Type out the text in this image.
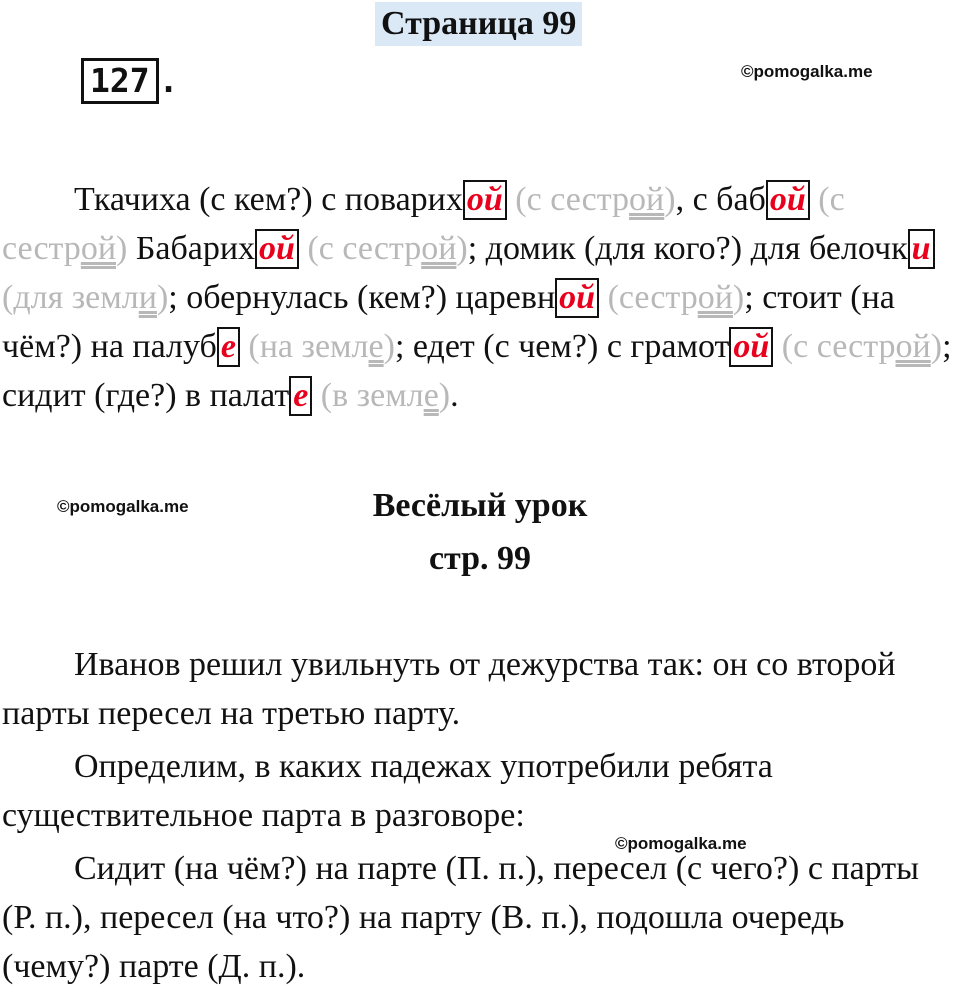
Страница 99
127 .	©pomogalka.me

Ткачиха (с кем?) с поварих ой (с сестрой), с баб ой (с сестрой) Бабарих ой (с сестрой); домик (для кого?) для белочк и (для земли); обернулась (кем?) царевн ой (сестрой); стоит (на чём?) на палуб е (на земле); едет (с чем?) с грамот ой (с сестрой); сидит (где?) в палат е (в земле).

©pomogalka.me	Весёлый урок
стр. 99

Иванов решил увильнуть от дежурства так: он со второй парты пересел на третью парту.

Определим, в каких падежах употребили ребята существительное парта в разговоре:

©pomogalka.me

Сидит (на чём?) на парте (П. п.), пересел (с чего?) с парты (Р. п.), пересел (на что?) на парту (В. п.), подошла очередь (чему?) парте (Д. п.).
